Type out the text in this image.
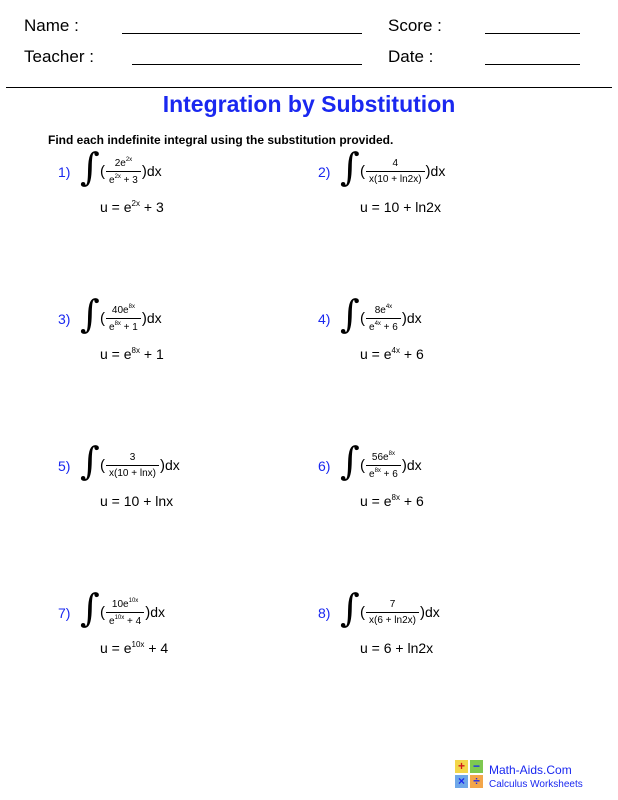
Name :
Teacher :
Score :
Date :
Integration by Substitution
Find each indefinite integral using the substitution provided.
1) ∫ ( $\frac{2e^{2x}}{e^{2x} + 3}$ ) dx
$u = e^{2x} + 3$
2) ∫ ( $\frac{4}{x(10 + \ln 2x)}$ ) dx
u = 10 + ln2x
3) ∫ ( $\frac{40e^{8x}}{e^{8x} + 1}$ ) dx
$u = e^{8x} + 1$
4) ∫ ( $\frac{8e^{4x}}{e^{4x} + 6}$ ) dx
$u = e^{4x} + 6$
5) ∫ ( $\frac{3}{x(10 + \ln x)}$ ) dx
u = 10 + lnx
6) ∫ ( $\frac{56e^{8x}}{e^{8x} + 6}$ ) dx
$u = e^{8x} + 6$
7) ∫ ( $\frac{10e^{10x}}{e^{10x} + 4}$ ) dx
$u = e^{10x} + 4$
8) ∫ ( $\frac{7}{x(6 + \ln 2x)}$ ) dx
u = 6 + ln2x
+ −
× ÷
Math-Aids.Com
Calculus Worksheets
